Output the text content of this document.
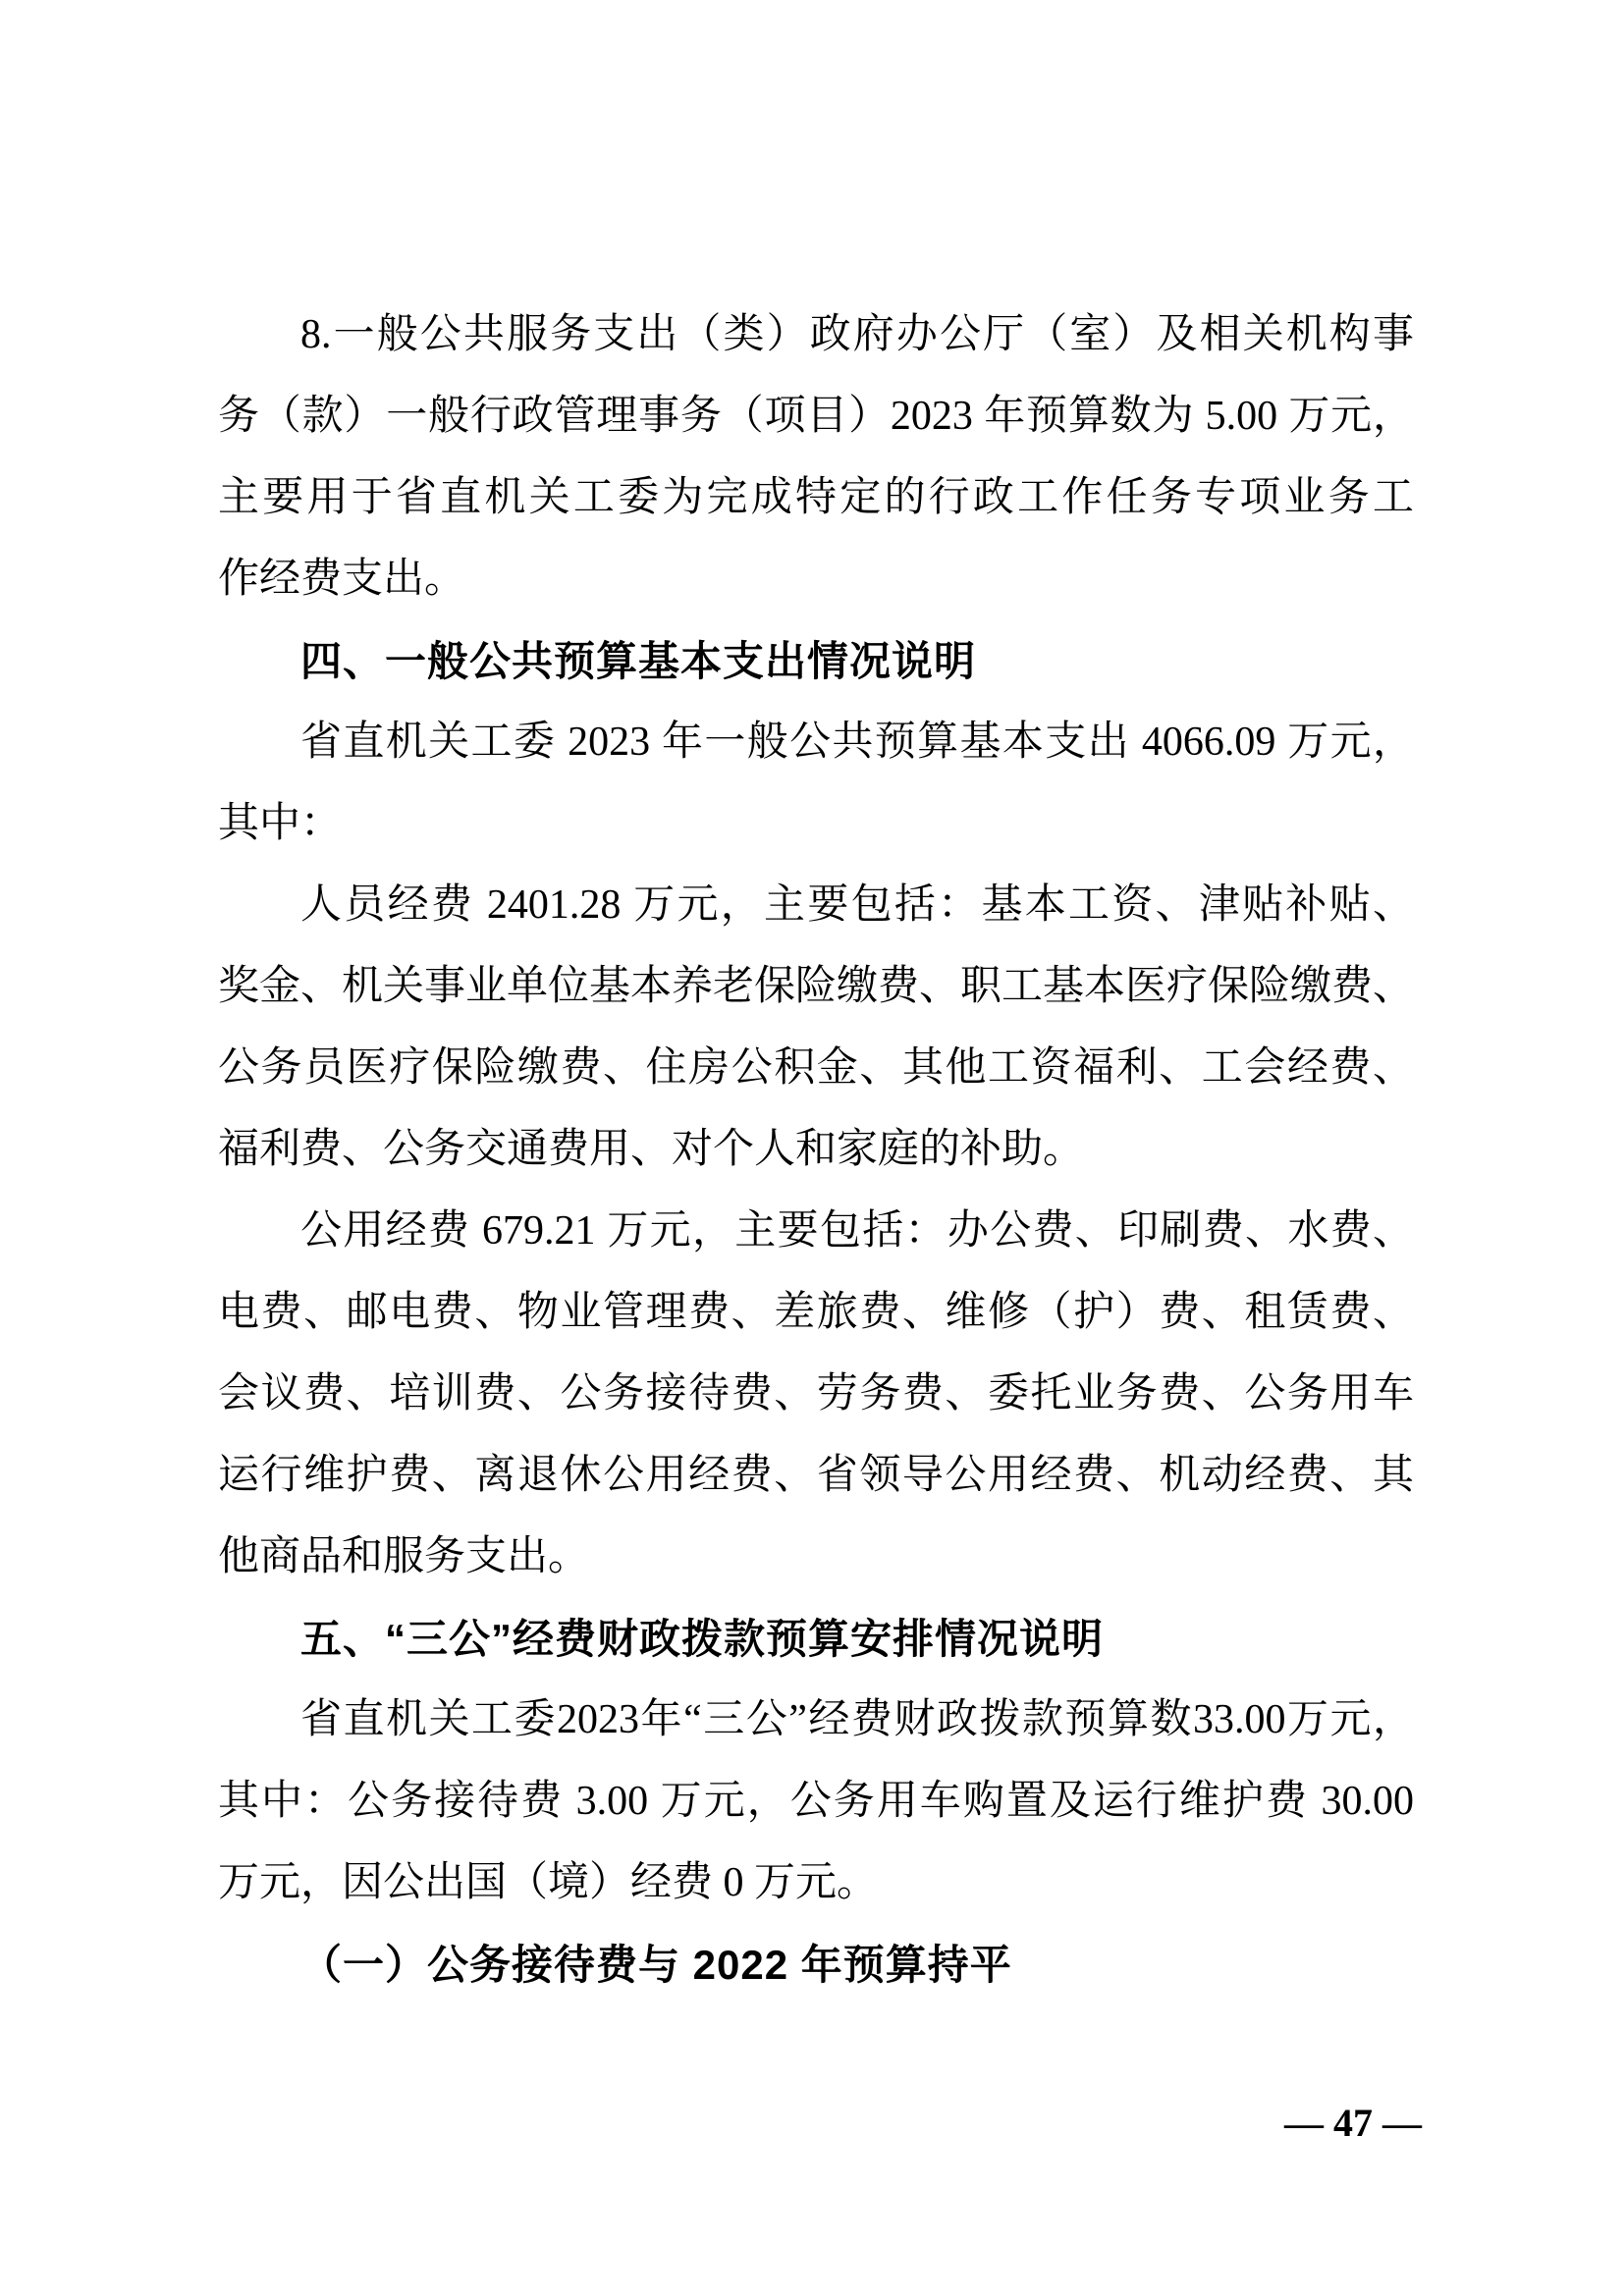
8.一般公共服务支出（类）政府办公厅（室）及相关机构事
务（款）一般行政管理事务（项目）2023 年预算数为 5.00 万元，
主要用于省直机关工委为完成特定的行政工作任务专项业务工
作经费支出。
四、一般公共预算基本支出情况说明
省直机关工委 2023 年一般公共预算基本支出 4066.09 万元，
其中：
人员经费 2401.28 万元，主要包括：基本工资、津贴补贴、
奖金、机关事业单位基本养老保险缴费、职工基本医疗保险缴费、
公务员医疗保险缴费、住房公积金、其他工资福利、工会经费、
福利费、公务交通费用、对个人和家庭的补助。
公用经费 679.21 万元，主要包括：办公费、印刷费、水费、
电费、邮电费、物业管理费、差旅费、维修（护）费、租赁费、
会议费、培训费、公务接待费、劳务费、委托业务费、公务用车
运行维护费、离退休公用经费、省领导公用经费、机动经费、其
他商品和服务支出。
五、“三公”经费财政拨款预算安排情况说明
省直机关工委2023年“三公”经费财政拨款预算数33.00万元，
其中：公务接待费 3.00 万元，公务用车购置及运行维护费 30.00
万元，因公出国（境）经费 0 万元。
（一）公务接待费与 2022 年预算持平
— 47 —
